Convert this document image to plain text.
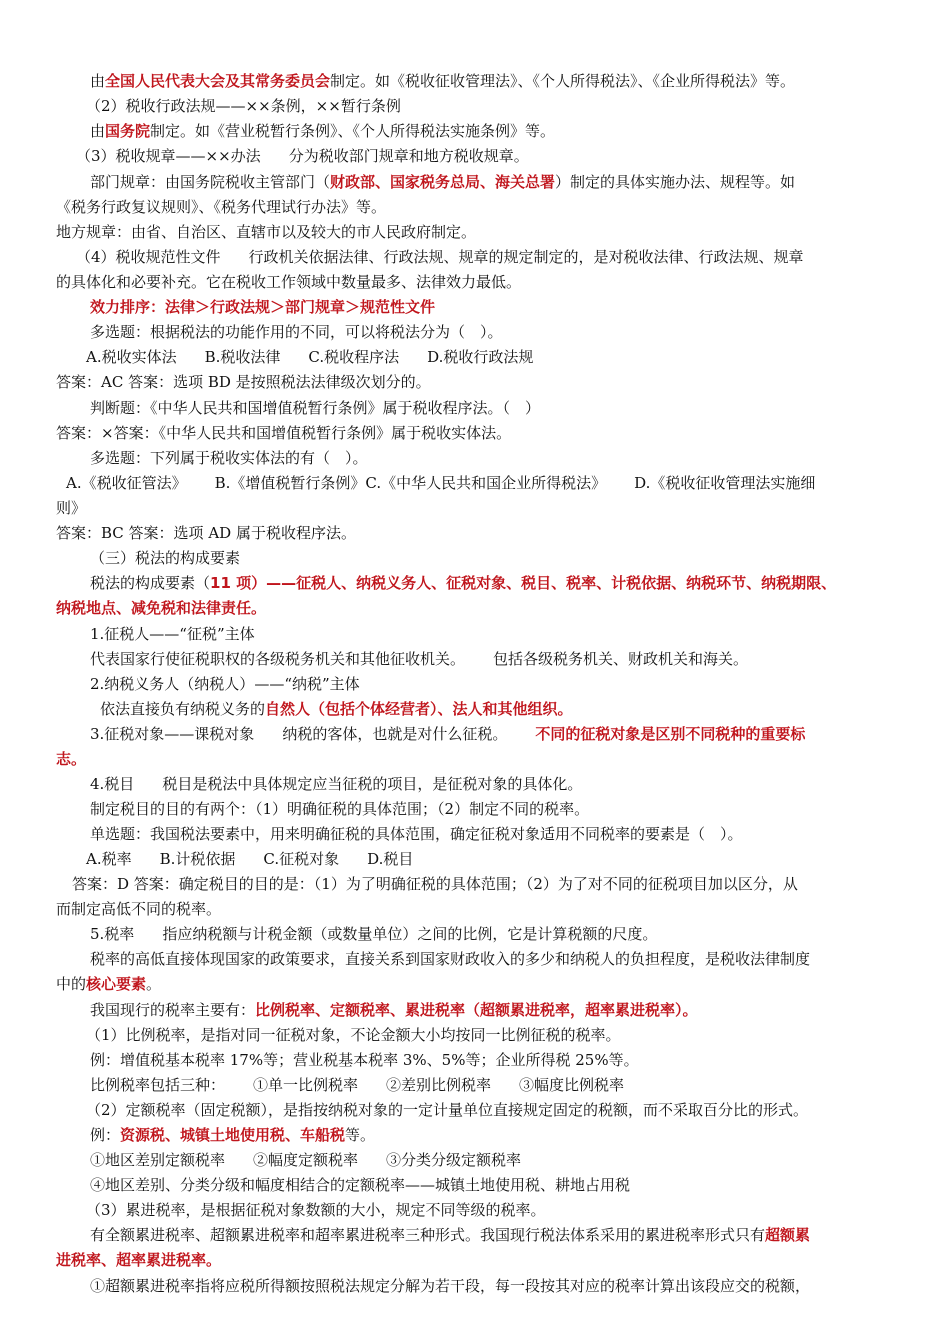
由全国人民代表大会及其常务委员会制定。如《税收征收管理法》、《个人所得税法》、《企业所得税法》等。
（2）税收行政法规——××条例，××暂行条例
由国务院制定。如《营业税暂行条例》、《个人所得税法实施条例》等。
（3）税收规章——××办法 分为税收部门规章和地方税收规章。
部门规章：由国务院税收主管部门（财政部、国家税务总局、海关总署）制定的具体实施办法、规程等。如
《税务行政复议规则》、《税务代理试行办法》等。
地方规章：由省、自治区、直辖市以及较大的市人民政府制定。
（4）税收规范性文件 行政机关依据法律、行政法规、规章的规定制定的，是对税收法律、行政法规、规章
的具体化和必要补充。它在税收工作领域中数量最多、法律效力最低。
效力排序：法律＞行政法规＞部门规章＞规范性文件
多选题：根据税法的功能作用的不同，可以将税法分为（　）。
A.税收实体法 B.税收法律 C.税收程序法 D.税收行政法规
答案：AC 答案：选项 BD 是按照税法法律级次划分的。
判断题：《中华人民共和国增值税暂行条例》属于税收程序法。（　）
答案：×答案：《中华人民共和国增值税暂行条例》属于税收实体法。
多选题：下列属于税收实体法的有（　）。
A.《税收征管法》 B.《增值税暂行条例》C.《中华人民共和国企业所得税法》 D.《税收征收管理法实施细
则》
答案：BC 答案：选项 AD 属于税收程序法。
（三）税法的构成要素
税法的构成要素（11 项）——征税人、纳税义务人、征税对象、税目、税率、计税依据、纳税环节、纳税期限、
纳税地点、减免税和法律责任。
1.征税人——“征税”主体
代表国家行使征税职权的各级税务机关和其他征收机关。 包括各级税务机关、财政机关和海关。
2.纳税义务人（纳税人）——“纳税”主体
依法直接负有纳税义务的自然人（包括个体经营者）、法人和其他组织。
3.征税对象——课税对象 纳税的客体，也就是对什么征税。 不同的征税对象是区别不同税种的重要标
志。
4.税目 税目是税法中具体规定应当征税的项目，是征税对象的具体化。
制定税目的目的有两个：（1）明确征税的具体范围；（2）制定不同的税率。
单选题：我国税法要素中，用来明确征税的具体范围，确定征税对象适用不同税率的要素是（　）。
A.税率 B.计税依据 C.征税对象 D.税目
答案：D 答案：确定税目的目的是：（1）为了明确征税的具体范围；（2）为了对不同的征税项目加以区分，从
而制定高低不同的税率。
5.税率 指应纳税额与计税金额（或数量单位）之间的比例，它是计算税额的尺度。
税率的高低直接体现国家的政策要求，直接关系到国家财政收入的多少和纳税人的负担程度，是税收法律制度
中的核心要素。
我国现行的税率主要有：比例税率、定额税率、累进税率（超额累进税率，超率累进税率）。
（1）比例税率，是指对同一征税对象，不论金额大小均按同一比例征税的税率。
例：增值税基本税率 17%等；营业税基本税率 3%、5%等；企业所得税 25%等。
比例税率包括三种： ①单一比例税率 ②差别比例税率 ③幅度比例税率
（2）定额税率（固定税额），是指按纳税对象的一定计量单位直接规定固定的税额，而不采取百分比的形式。
例：资源税、城镇土地使用税、车船税等。
①地区差别定额税率 ②幅度定额税率 ③分类分级定额税率
④地区差别、分类分级和幅度相结合的定额税率——城镇土地使用税、耕地占用税
（3）累进税率，是根据征税对象数额的大小，规定不同等级的税率。
有全额累进税率、超额累进税率和超率累进税率三种形式。我国现行税法体系采用的累进税率形式只有超额累
进税率、超率累进税率。
①超额累进税率指将应税所得额按照税法规定分解为若干段，每一段按其对应的税率计算出该段应交的税额，
